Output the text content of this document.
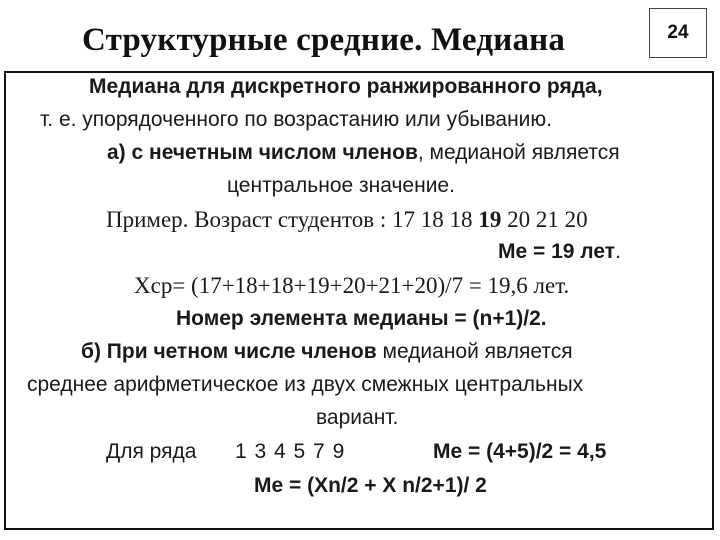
Структурные средние. Медиана	24
Медиана для дискретного ранжированного ряда,
т. е. упорядоченного по возрастанию или убыванию.
а) с нечетным числом членов, медианой является
центральное значение.
Пример. Возраст студентов : 17 18 18 19 20 21 20
Me = 19 лет.
Xср= (17+18+18+19+20+21+20)/7 = 19,6 лет.
Номер элемента медианы = (n+1)/2.
б) При четном числе членов медианой является
среднее арифметическое из двух смежных центральных
вариант.
Для ряда 1 3 4 5 7 9	Me = (4+5)/2 = 4,5
Me = (Xn/2 + X n/2+1)/ 2
